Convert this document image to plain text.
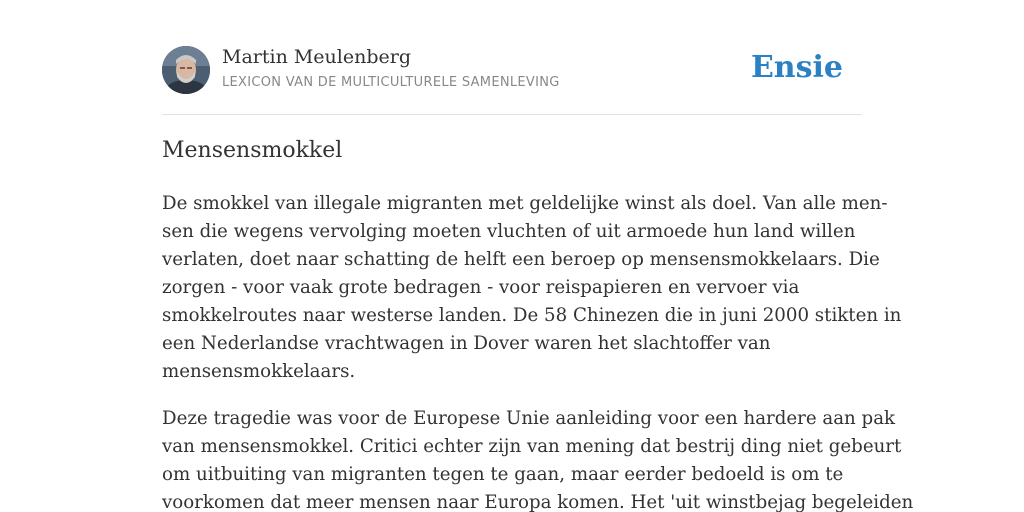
Martin Meulenberg
LEXICON VAN DE MULTICULTURELE SAMENLEVING	Ensie
Mensensmokkel

De smokkel van illegale migranten met geldelijke winst als doel. Van alle men-
sen die wegens vervolging moeten vluchten of uit armoede hun land willen
verlaten, doet naar schatting de helft een beroep op mensensmokkelaars. Die
zorgen - voor vaak grote bedragen - voor reispapieren en vervoer via
smokkelroutes naar westerse landen. De 58 Chinezen die in juni 2000 stikten in
een Nederlandse vrachtwagen in Dover waren het slachtoffer van
mensensmokkelaars.

Deze tragedie was voor de Europese Unie aanleiding voor een hardere aan pak
van mensensmokkel. Critici echter zijn van mening dat bestrij ding niet gebeurt
om uitbuiting van migranten tegen te gaan, maar eerder bedoeld is om te
voorkomen dat meer mensen naar Europa komen. Het 'uit winstbejag begeleiden
